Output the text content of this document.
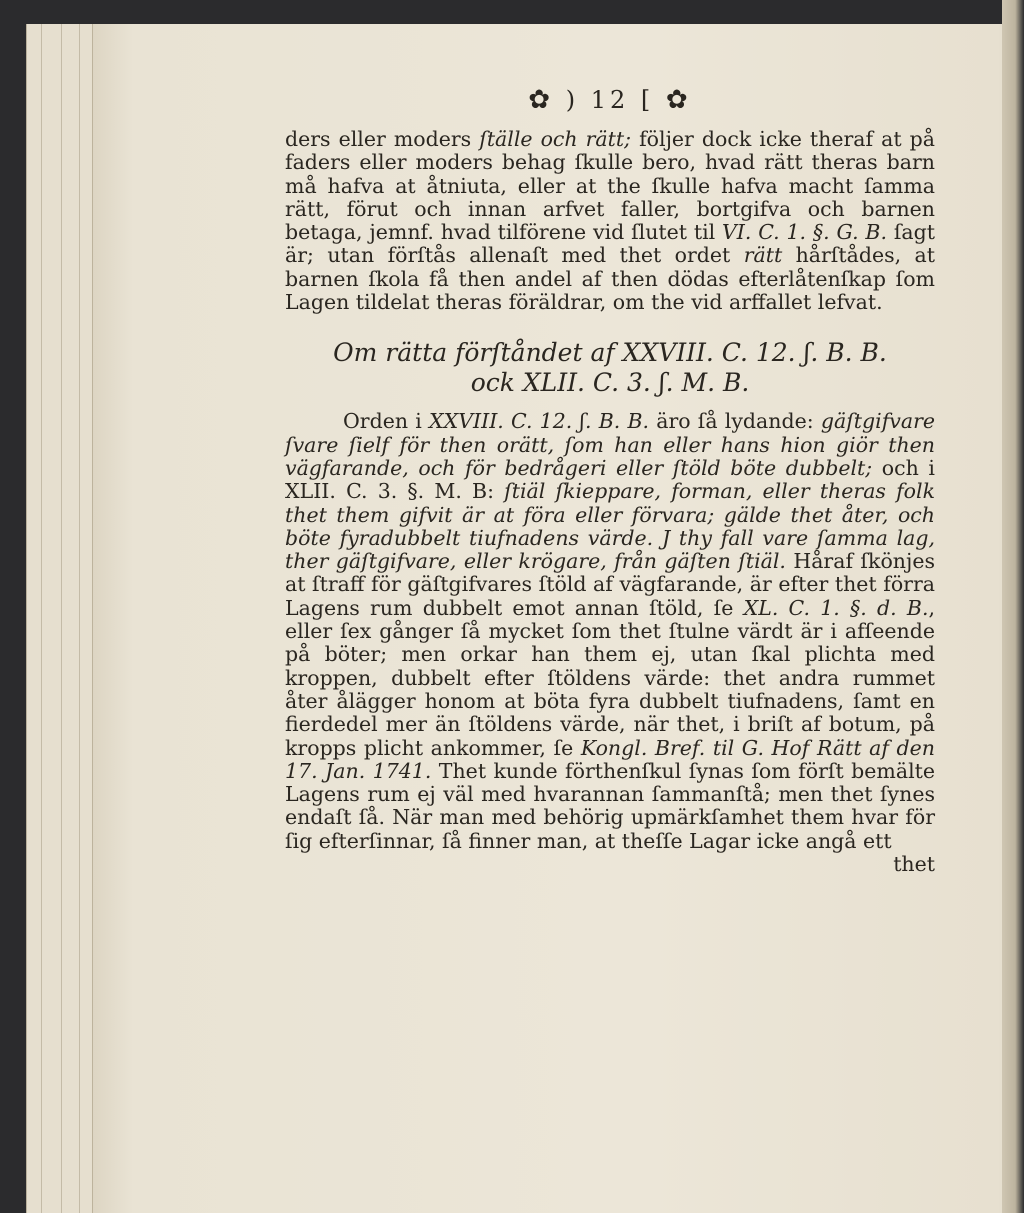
✿ ) 12 [ ✿

ders eller moders ſtälle och rätt; följer dock icke theraf at på faders eller moders behag ſkulle bero, hvad rätt theras barn må hafva at åtniuta, eller at the ſkulle hafva macht ſamma rätt, förut och innan arfvet faller, bortgifva och barnen betaga, jemnf. hvad tilförene vid ſlutet til VI. C. 1. §. G. B. ſagt är; utan förſtås allenaſt med thet ordet rätt hårſtådes, at barnen ſkola få then andel af then dödas efterlåtenſkap ſom Lagen tildelat theras föräldrar, om the vid arffallet lefvat.

Om rätta förſtåndet af XXVIII. C. 12. ʃ. B. B.
ock XLII. C. 3. ʃ. M. B.

Orden i XXVIII. C. 12. ʃ. B. B. äro ſå lydande: gäſtgifvare ſvare ſielf för then orätt, ſom han eller hans hion giör then vägfarande, och för bedrågeri eller ſtöld böte dubbelt; och i XLII. C. 3. §. M. B: ſtiäl ſkieppare, forman, eller theras folk thet them gifvit är at föra eller förvara; gälde thet åter, och böte fyradubbelt tiufnadens värde. J thy fall vare ſamma lag, ther gäſtgifvare, eller krögare, från gäſten ſtiäl. Håraf ſkönjes at ſtraff för gäſtgifvares ſtöld af vägfarande, är efter thet förra Lagens rum dubbelt emot annan ſtöld, ſe XL. C. 1. §. d. B., eller ſex gånger ſå mycket ſom thet ſtulne värdt är i afſeende på böter; men orkar han them ej, utan ſkal plichta med kroppen, dubbelt efter ſtöldens värde: thet andra rummet åter ålägger honom at böta fyra dubbelt tiufnadens, ſamt en fierdedel mer än ſtöldens värde, när thet, i briſt af botum, på kropps plicht ankommer, ſe Kongl. Bref. til G. Hof Rätt af den 17. Jan. 1741. Thet kunde förthenſkul ſynas ſom förſt bemälte Lagens rum ej väl med hvarannan ſammanſtå; men thet ſynes endaſt ſå. När man med behörig upmärkſamhet them hvar för ſig efterſinnar, ſå finner man, at theſſe Lagar icke angå ett

thet
